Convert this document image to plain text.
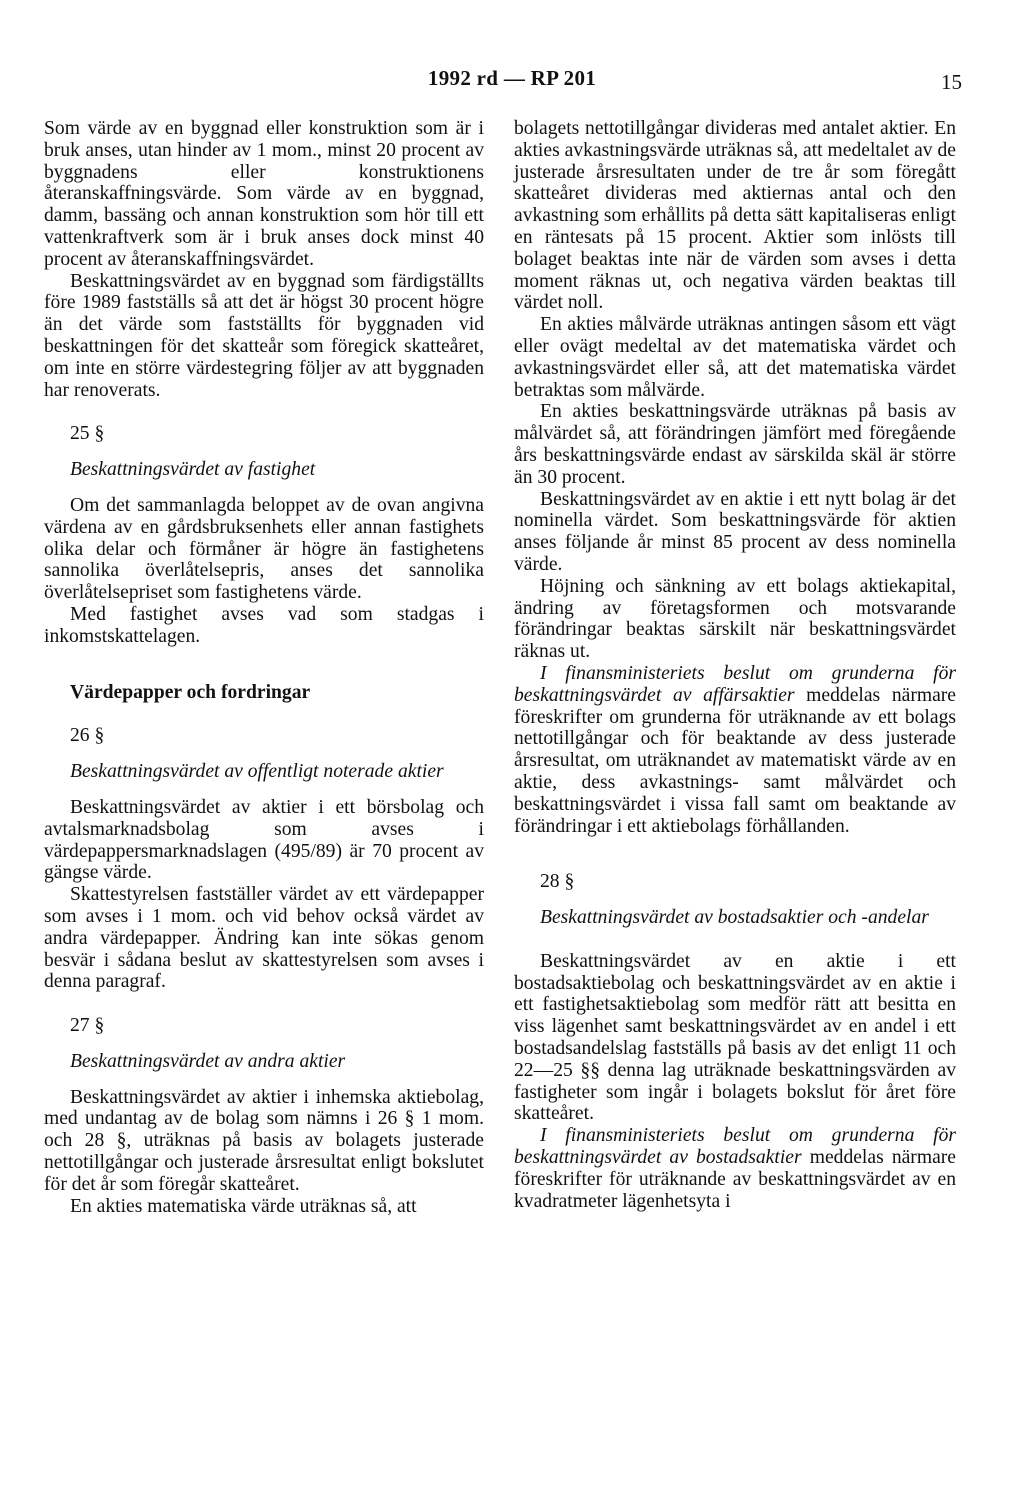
1992 rd — RP 201	15

Som värde av en byggnad eller konstruktion som är i bruk anses, utan hinder av 1 mom., minst 20 procent av byggnadens eller konstruktionens återanskaffningsvärde. Som värde av en byggnad, damm, bassäng och annan konstruktion som hör till ett vattenkraftverk som är i bruk anses dock minst 40 procent av återanskaffningsvärdet.

Beskattningsvärdet av en byggnad som färdigställts före 1989 fastställs så att det är högst 30 procent högre än det värde som fastställts för byggnaden vid beskattningen för det skatteår som föregick skatteåret, om inte en större värdestegring följer av att byggnaden har renoverats.

25 §

Beskattningsvärdet av fastighet

Om det sammanlagda beloppet av de ovan angivna värdena av en gårdsbruksenhets eller annan fastighets olika delar och förmåner är högre än fastighetens sannolika överlåtelsepris, anses det sannolika överlåtelsepriset som fastighetens värde.

Med fastighet avses vad som stadgas i inkomstskattelagen.

Värdepapper och fordringar

26 §

Beskattningsvärdet av offentligt noterade aktier

Beskattningsvärdet av aktier i ett börsbolag och avtalsmarknadsbolag som avses i värdepappersmarknadslagen (495/89) är 70 procent av gängse värde.

Skattestyrelsen fastställer värdet av ett värdepapper som avses i 1 mom. och vid behov också värdet av andra värdepapper. Ändring kan inte sökas genom besvär i sådana beslut av skattestyrelsen som avses i denna paragraf.

27 §

Beskattningsvärdet av andra aktier

Beskattningsvärdet av aktier i inhemska aktiebolag, med undantag av de bolag som nämns i 26 § 1 mom. och 28 §, uträknas på basis av bolagets justerade nettotillgångar och justerade årsresultat enligt bokslutet för det år som föregår skatteåret.

En akties matematiska värde uträknas så, att

bolagets nettotillgångar divideras med antalet aktier. En akties avkastningsvärde uträknas så, att medeltalet av de justerade årsresultaten under de tre år som föregått skatteåret divideras med aktiernas antal och den avkastning som erhållits på detta sätt kapitaliseras enligt en räntesats på 15 procent. Aktier som inlösts till bolaget beaktas inte när de värden som avses i detta moment räknas ut, och negativa värden beaktas till värdet noll.

En akties målvärde uträknas antingen såsom ett vägt eller ovägt medeltal av det matematiska värdet och avkastningsvärdet eller så, att det matematiska värdet betraktas som målvärde.

En akties beskattningsvärde uträknas på basis av målvärdet så, att förändringen jämfört med föregående års beskattningsvärde endast av särskilda skäl är större än 30 procent.

Beskattningsvärdet av en aktie i ett nytt bolag är det nominella värdet. Som beskattningsvärde för aktien anses följande år minst 85 procent av dess nominella värde.

Höjning och sänkning av ett bolags aktiekapital, ändring av företagsformen och motsvarande förändringar beaktas särskilt när beskattningsvärdet räknas ut.

I finansministeriets beslut om grunderna för beskattningsvärdet av affärsaktier meddelas närmare föreskrifter om grunderna för uträknande av ett bolags nettotillgångar och för beaktande av dess justerade årsresultat, om uträknandet av matematiskt värde av en aktie, dess avkastnings- samt målvärdet och beskattningsvärdet i vissa fall samt om beaktande av förändringar i ett aktiebolags förhållanden.

28 §

Beskattningsvärdet av bostadsaktier och -andelar

Beskattningsvärdet av en aktie i ett bostadsaktiebolag och beskattningsvärdet av en aktie i ett fastighetsaktiebolag som medför rätt att besitta en viss lägenhet samt beskattningsvärdet av en andel i ett bostadsandelslag fastställs på basis av det enligt 11 och 22—25 §§ denna lag uträknade beskattningsvärden av fastigheter som ingår i bolagets bokslut för året före skatteåret.

I finansministeriets beslut om grunderna för beskattningsvärdet av bostadsaktier meddelas närmare föreskrifter för uträknande av beskattningsvärdet av en kvadratmeter lägenhetsyta i
